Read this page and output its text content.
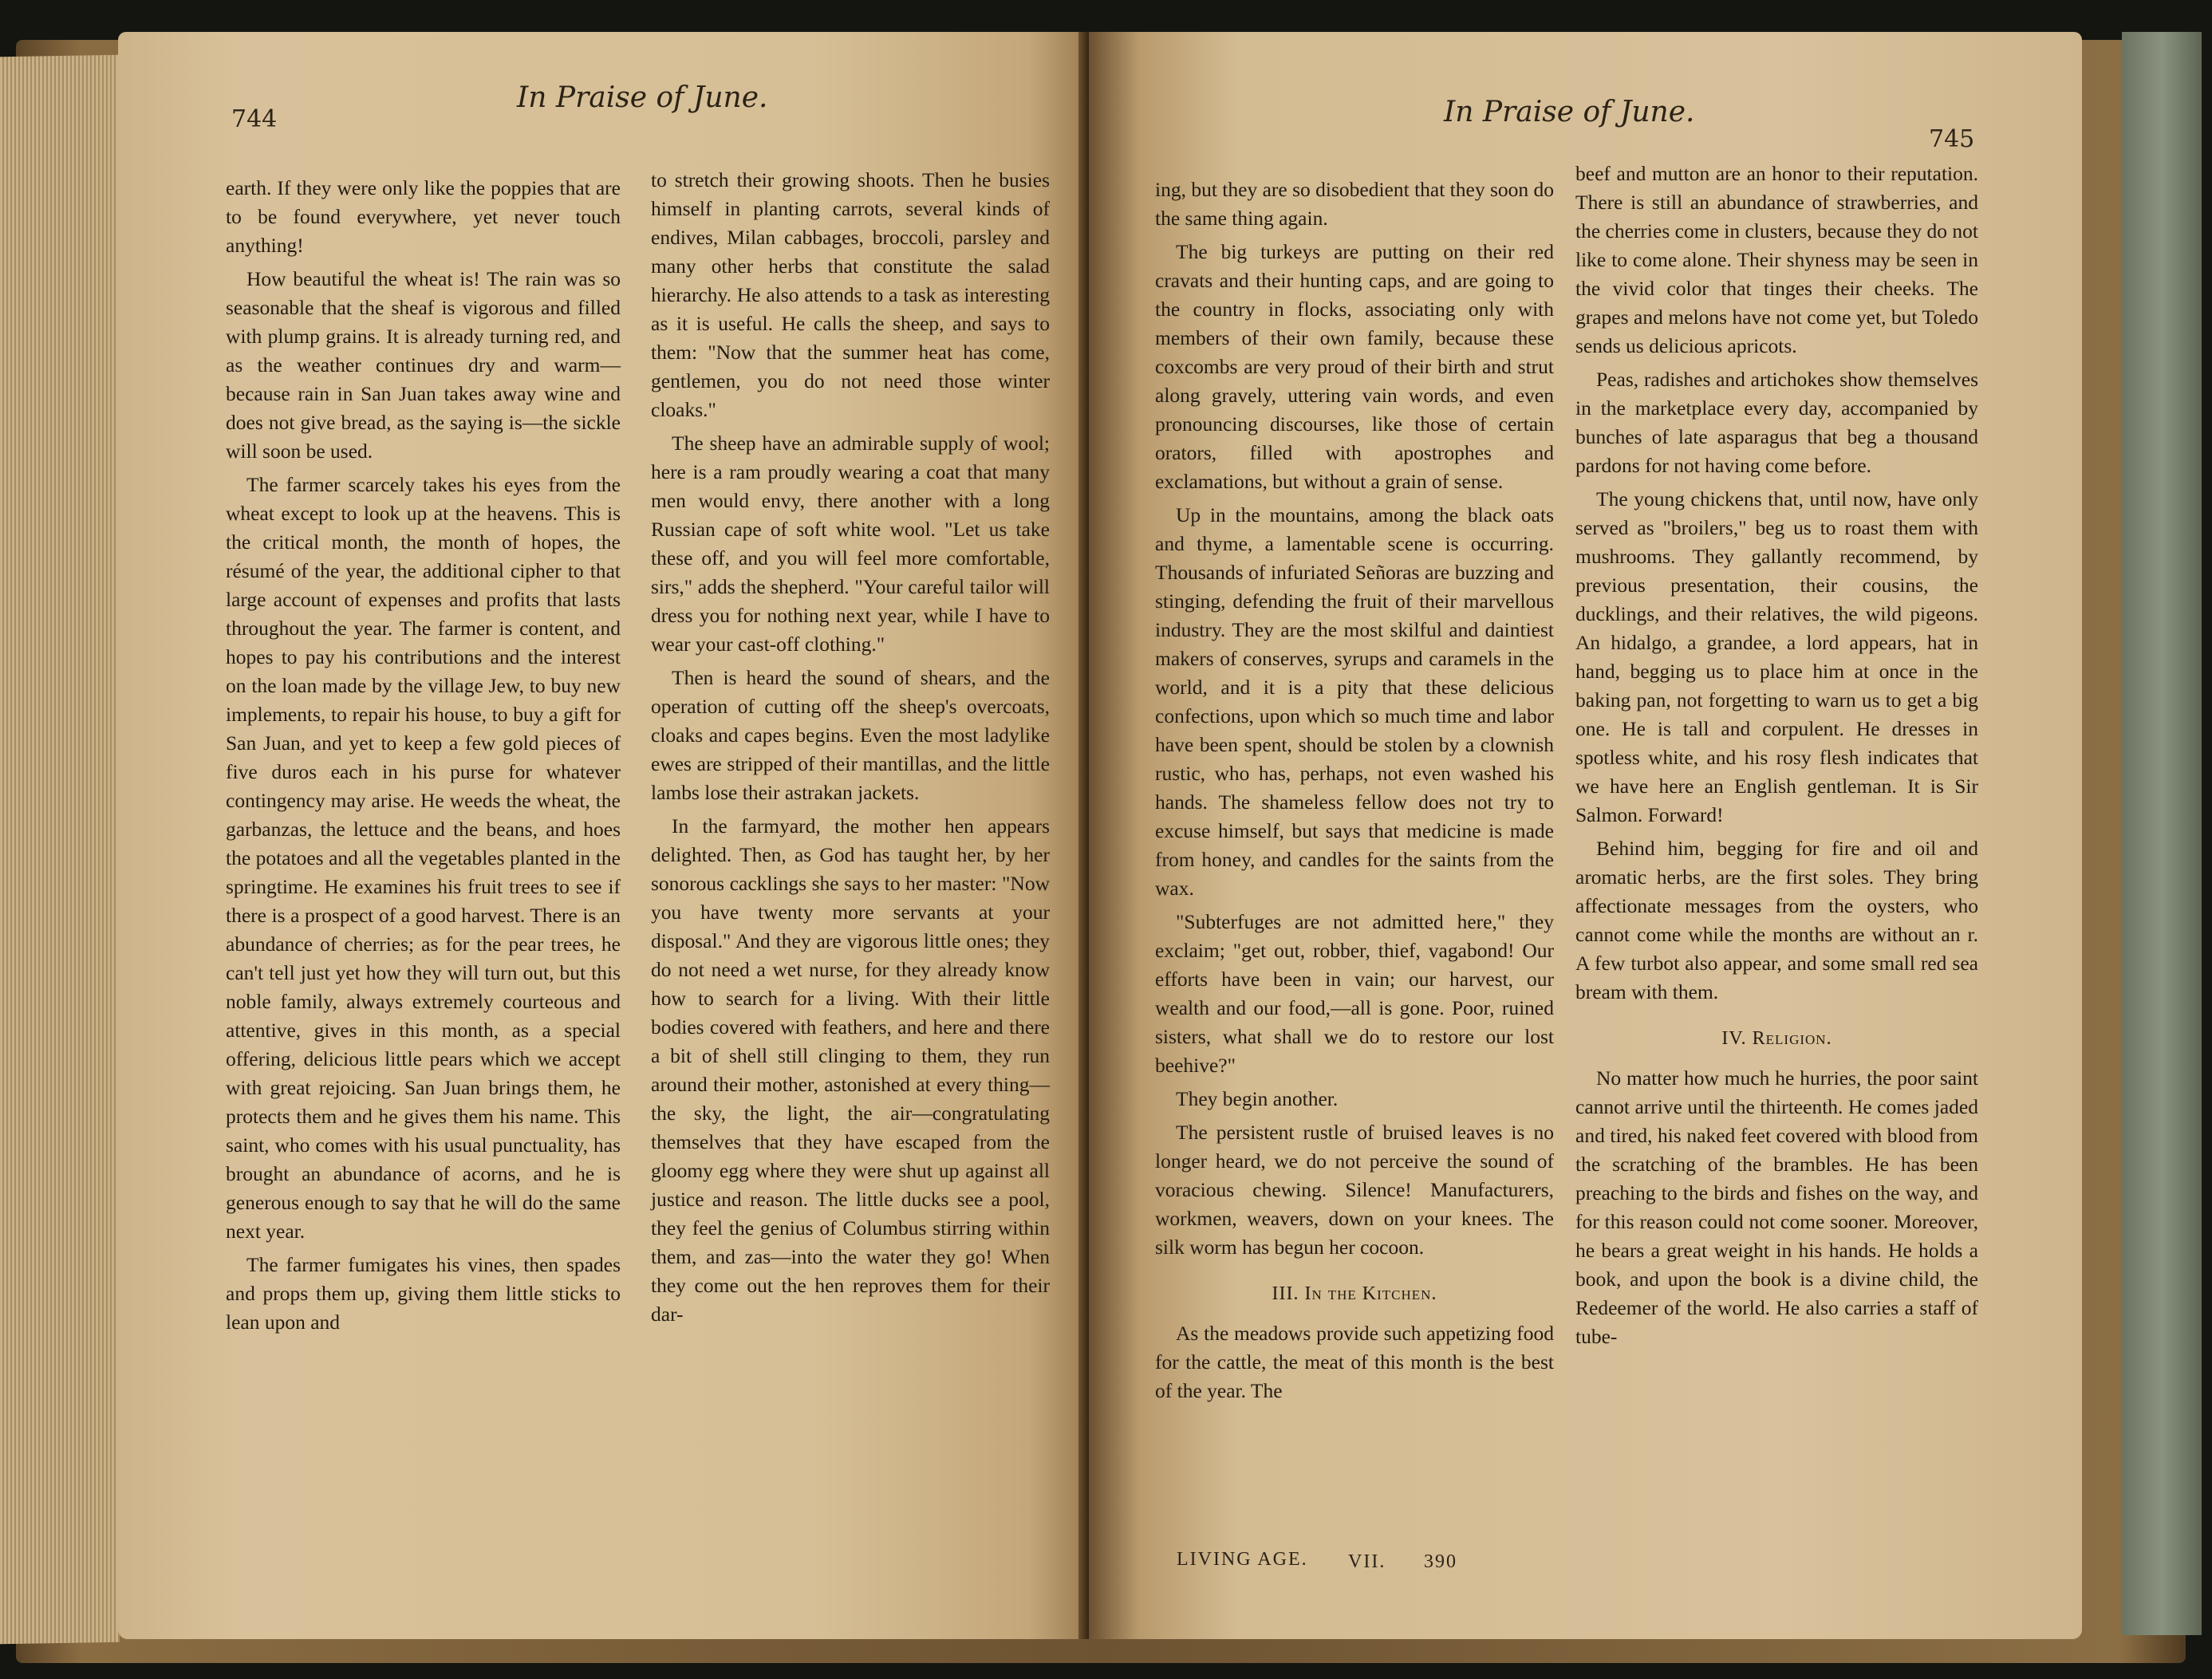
744
In Praise of June.

earth. If they were only like the poppies that are to be found everywhere, yet never touch anything!

How beautiful the wheat is! The rain was so seasonable that the sheaf is vigorous and filled with plump grains. It is already turning red, and as the weather continues dry and warm—because rain in San Juan takes away wine and does not give bread, as the saying is—the sickle will soon be used.

The farmer scarcely takes his eyes from the wheat except to look up at the heavens. This is the critical month, the month of hopes, the résumé of the year, the additional cipher to that large account of expenses and profits that lasts throughout the year. The farmer is content, and hopes to pay his contributions and the interest on the loan made by the village Jew, to buy new implements, to repair his house, to buy a gift for San Juan, and yet to keep a few gold pieces of five duros each in his purse for whatever contingency may arise. He weeds the wheat, the garbanzas, the lettuce and the beans, and hoes the potatoes and all the vegetables planted in the springtime. He examines his fruit trees to see if there is a prospect of a good harvest. There is an abundance of cherries; as for the pear trees, he can't tell just yet how they will turn out, but this noble family, always extremely courteous and attentive, gives in this month, as a special offering, delicious little pears which we accept with great rejoicing. San Juan brings them, he protects them and he gives them his name. This saint, who comes with his usual punctuality, has brought an abundance of acorns, and he is generous enough to say that he will do the same next year.

The farmer fumigates his vines, then spades and props them up, giving them little sticks to lean upon and

to stretch their growing shoots. Then he busies himself in planting carrots, several kinds of endives, Milan cabbages, broccoli, parsley and many other herbs that constitute the salad hierarchy. He also attends to a task as interesting as it is useful. He calls the sheep, and says to them: "Now that the summer heat has come, gentlemen, you do not need those winter cloaks."

The sheep have an admirable supply of wool; here is a ram proudly wearing a coat that many men would envy, there another with a long Russian cape of soft white wool. "Let us take these off, and you will feel more comfortable, sirs," adds the shepherd. "Your careful tailor will dress you for nothing next year, while I have to wear your cast-off clothing."

Then is heard the sound of shears, and the operation of cutting off the sheep's overcoats, cloaks and capes begins. Even the most ladylike ewes are stripped of their mantillas, and the little lambs lose their astrakan jackets.

In the farmyard, the mother hen appears delighted. Then, as God has taught her, by her sonorous cacklings she says to her master: "Now you have twenty more servants at your disposal." And they are vigorous little ones; they do not need a wet nurse, for they already know how to search for a living. With their little bodies covered with feathers, and here and there a bit of shell still clinging to them, they run around their mother, astonished at every thing—the sky, the light, the air—congratulating themselves that they have escaped from the gloomy egg where they were shut up against all justice and reason. The little ducks see a pool, they feel the genius of Columbus stirring within them, and zas—into the water they go! When they come out the hen reproves them for their dar-

In Praise of June.
745

ing, but they are so disobedient that they soon do the same thing again.

The big turkeys are putting on their red cravats and their hunting caps, and are going to the country in flocks, associating only with members of their own family, because these coxcombs are very proud of their birth and strut along gravely, uttering vain words, and even pronouncing discourses, like those of certain orators, filled with apostrophes and exclamations, but without a grain of sense.

Up in the mountains, among the black oats and thyme, a lamentable scene is occurring. Thousands of infuriated Señoras are buzzing and stinging, defending the fruit of their marvellous industry. They are the most skilful and daintiest makers of conserves, syrups and caramels in the world, and it is a pity that these delicious confections, upon which so much time and labor have been spent, should be stolen by a clownish rustic, who has, perhaps, not even washed his hands. The shameless fellow does not try to excuse himself, but says that medicine is made from honey, and candles for the saints from the wax.

"Subterfuges are not admitted here," they exclaim; "get out, robber, thief, vagabond! Our efforts have been in vain; our harvest, our wealth and our food,—all is gone. Poor, ruined sisters, what shall we do to restore our lost beehive?"

They begin another.

The persistent rustle of bruised leaves is no longer heard, we do not perceive the sound of voracious chewing. Silence! Manufacturers, workmen, weavers, down on your knees. The silk worm has begun her cocoon.

III. In the Kitchen.

As the meadows provide such appetizing food for the cattle, the meat of this month is the best of the year. The

beef and mutton are an honor to their reputation. There is still an abundance of strawberries, and the cherries come in clusters, because they do not like to come alone. Their shyness may be seen in the vivid color that tinges their cheeks. The grapes and melons have not come yet, but Toledo sends us delicious apricots.

Peas, radishes and artichokes show themselves in the marketplace every day, accompanied by bunches of late asparagus that beg a thousand pardons for not having come before.

The young chickens that, until now, have only served as "broilers," beg us to roast them with mushrooms. They gallantly recommend, by previous presentation, their cousins, the ducklings, and their relatives, the wild pigeons. An hidalgo, a grandee, a lord appears, hat in hand, begging us to place him at once in the baking pan, not forgetting to warn us to get a big one. He is tall and corpulent. He dresses in spotless white, and his rosy flesh indicates that we have here an English gentleman. It is Sir Salmon. Forward!

Behind him, begging for fire and oil and aromatic herbs, are the first soles. They bring affectionate messages from the oysters, who cannot come while the months are without an r. A few turbot also appear, and some small red sea bream with them.

IV. Religion.

No matter how much he hurries, the poor saint cannot arrive until the thirteenth. He comes jaded and tired, his naked feet covered with blood from the scratching of the brambles. He has been preaching to the birds and fishes on the way, and for this reason could not come sooner. Moreover, he bears a great weight in his hands. He holds a book, and upon the book is a divine child, the Redeemer of the world. He also carries a staff of tube-

LIVING AGE. VII. 390
